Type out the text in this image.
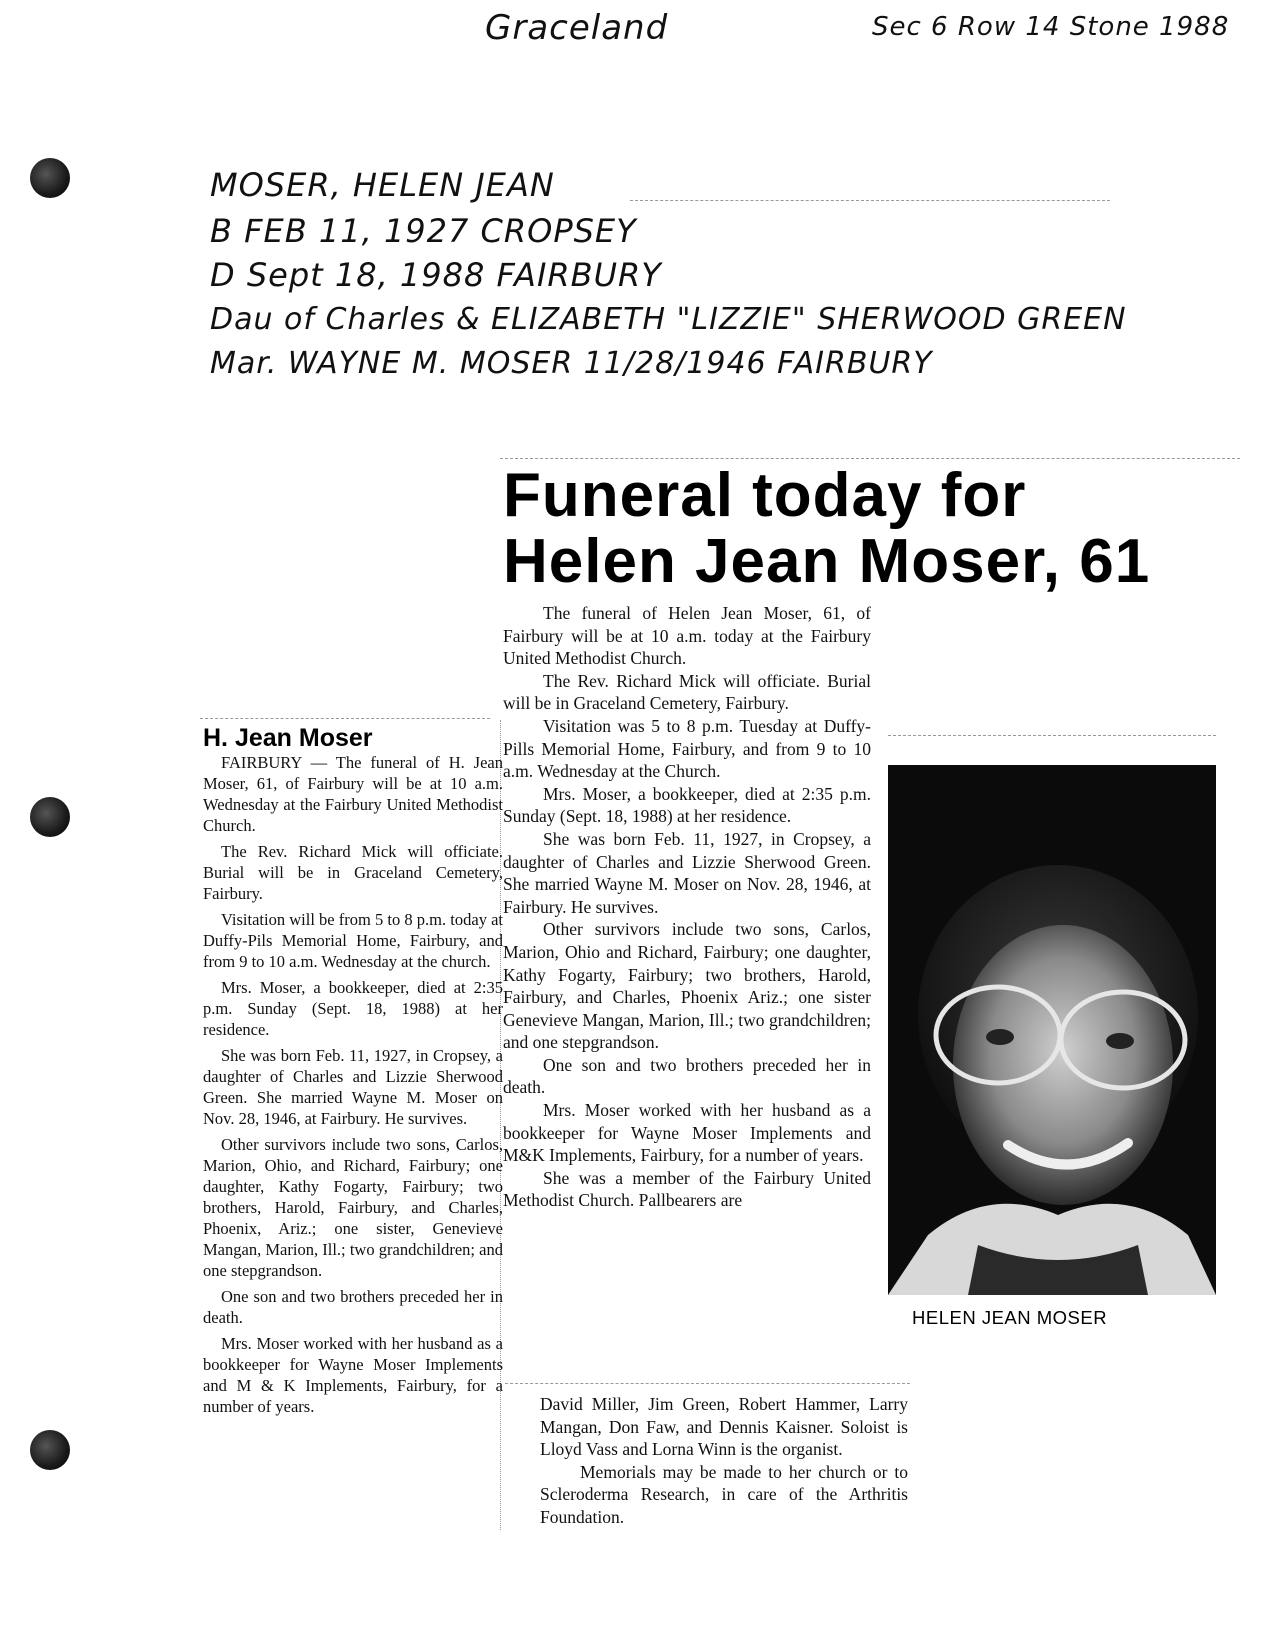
Graceland	Sec 6 Row 14 Stone 1988
MOSER, HELEN JEAN
B FEB 11, 1927 CROPSEY
D Sept 18, 1988 FAIRBURY
Dau of Charles & ELIZABETH "LIZZIE" SHERWOOD GREEN
Mar. WAYNE M. MOSER 11/28/1946 FAIRBURY
Funeral today for
Helen Jean Moser, 61

The funeral of Helen Jean Moser, 61, of Fairbury will be at 10 a.m. today at the Fairbury United Methodist Church.

The Rev. Richard Mick will officiate. Burial will be in Graceland Cemetery, Fairbury.

Visitation was 5 to 8 p.m. Tuesday at Duffy-Pills Memorial Home, Fairbury, and from 9 to 10 a.m. Wednesday at the Church.

Mrs. Moser, a bookkeeper, died at 2:35 p.m. Sunday (Sept. 18, 1988) at her residence.

She was born Feb. 11, 1927, in Cropsey, a daughter of Charles and Lizzie Sherwood Green. She married Wayne M. Moser on Nov. 28, 1946, at Fairbury. He survives.

Other survivors include two sons, Carlos, Marion, Ohio and Richard, Fairbury; one daughter, Kathy Fogarty, Fairbury; two brothers, Harold, Fairbury, and Charles, Phoenix Ariz.; one sister Genevieve Mangan, Marion, Ill.; two grandchildren; and one stepgrandson.

One son and two brothers preceded her in death.

Mrs. Moser worked with her husband as a bookkeeper for Wayne Moser Implements and M&K Implements, Fairbury, for a number of years.

She was a member of the Fairbury United Methodist Church. Pallbearers are

David Miller, Jim Green, Robert Hammer, Larry Mangan, Don Faw, and Dennis Kaisner. Soloist is Lloyd Vass and Lorna Winn is the organist.

Memorials may be made to her church or to Scleroderma Research, in care of the Arthritis Foundation.

HELEN JEAN MOSER
H. Jean Moser

FAIRBURY — The funeral of H. Jean Moser, 61, of Fairbury will be at 10 a.m. Wednesday at the Fairbury United Methodist Church.

The Rev. Richard Mick will officiate. Burial will be in Graceland Cemetery, Fairbury.

Visitation will be from 5 to 8 p.m. today at Duffy-Pils Memorial Home, Fairbury, and from 9 to 10 a.m. Wednesday at the church.

Mrs. Moser, a bookkeeper, died at 2:35 p.m. Sunday (Sept. 18, 1988) at her residence.

She was born Feb. 11, 1927, in Cropsey, a daughter of Charles and Lizzie Sherwood Green. She married Wayne M. Moser on Nov. 28, 1946, at Fairbury. He survives.

Other survivors include two sons, Carlos, Marion, Ohio, and Richard, Fairbury; one daughter, Kathy Fogarty, Fairbury; two brothers, Harold, Fairbury, and Charles, Phoenix, Ariz.; one sister, Genevieve Mangan, Marion, Ill.; two grandchildren; and one stepgrandson.

One son and two brothers preceded her in death.

Mrs. Moser worked with her husband as a bookkeeper for Wayne Moser Implements and M & K Implements, Fairbury, for a number of years.
